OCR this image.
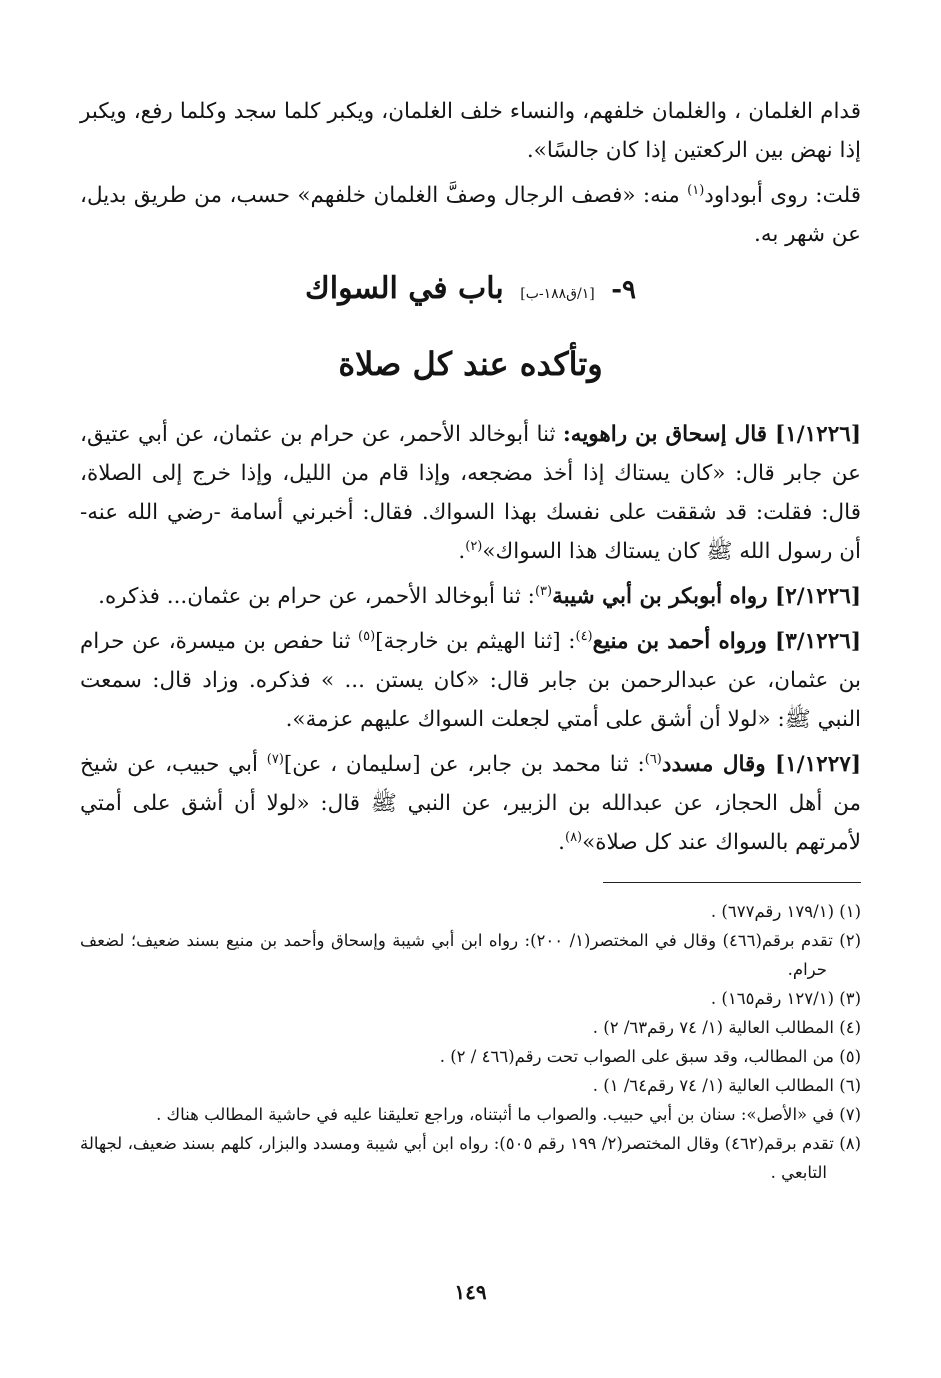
قدام الغلمان ، والغلمان خلفهم، والنساء خلف الغلمان، ويكبر كلما سجد وكلما رفع، ويكبر إذا نهض بين الركعتين إذا كان جالسًا».

قلت: روى أبوداود$^{(١)}$ منه: «فصف الرجال وصفَّ الغلمان خلفهم» حسب، من طريق بديل، عن شهر به.

٩- [١/ق١٨٨-ب] باب في السواك
وتأكده عند كل صلاة

[١/١٢٢٦] قال إسحاق بن راهويه: ثنا أبوخالد الأحمر، عن حرام بن عثمان، عن أبي عتيق، عن جابر قال: «كان يستاك إذا أخذ مضجعه، وإذا قام من الليل، وإذا خرج إلى الصلاة، قال: فقلت: قد شققت على نفسك بهذا السواك. فقال: أخبرني أسامة -رضي الله عنه- أن رسول الله ﷺ كان يستاك هذا السواك»$^{(٢)}$.

[٢/١٢٢٦] رواه أبوبكر بن أبي شيبة$^{(٣)}$: ثنا أبوخالد الأحمر، عن حرام بن عثمان... فذكره.

[٣/١٢٢٦] ورواه أحمد بن منيع$^{(٤)}$: [ثنا الهيثم بن خارجة]$^{(٥)}$ ثنا حفص بن ميسرة، عن حرام بن عثمان، عن عبدالرحمن بن جابر قال: «كان يستن ... » فذكره. وزاد قال: سمعت النبي ﷺ: «لولا أن أشق على أمتي لجعلت السواك عليهم عزمة».

[١/١٢٢٧] وقال مسدد$^{(٦)}$: ثنا محمد بن جابر، عن [سليمان ، عن]$^{(٧)}$ أبي حبيب، عن شيخ من أهل الحجاز، عن عبدالله بن الزبير، عن النبي ﷺ قال: «لولا أن أشق على أمتي لأمرتهم بالسواك عند كل صلاة»$^{(٨)}$.

(١) (١٧٩/١ رقم٦٧٧) .

(٢) تقدم برقم(٤٦٦) وقال في المختصر(١/ ٢٠٠): رواه ابن أبي شيبة وإسحاق وأحمد بن منيع بسند ضعيف؛ لضعف حرام.

(٣) (١٢٧/١ رقم١٦٥) .

(٤) المطالب العالية (١/ ٧٤ رقم٦٣/ ٢) .

(٥) من المطالب، وقد سبق على الصواب تحت رقم(٤٦٦ / ٢) .

(٦) المطالب العالية (١/ ٧٤ رقم٦٤/ ١) .

(٧) في «الأصل»: سنان بن أبي حبيب. والصواب ما أثبتناه، وراجع تعليقنا عليه في حاشية المطالب هناك .

(٨) تقدم برقم(٤٦٢) وقال المختصر(٢/ ١٩٩ رقم ٥٠٥): رواه ابن أبي شيبة ومسدد والبزار، كلهم بسند ضعيف، لجهالة التابعي .

١٤٩
